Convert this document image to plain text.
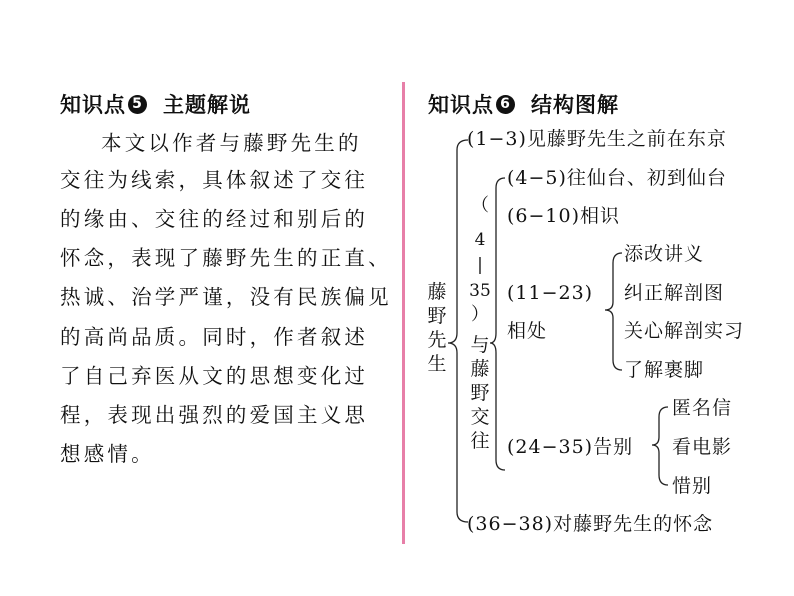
知识点 5 主题解说
本文以作者与藤野先生的
交往为线索，具体叙述了交往
的缘由、交往的经过和别后的
怀念，表现了藤野先生的正直、
热诚、治学严谨，没有民族偏见
的高尚品质。同时，作者叙述
了自己弃医从文的思想变化过
程，表现出强烈的爱国主义思
想感情。
知识点 6 结构图解
藤
野
先
生
（
4
|
35
）
与
藤
野
交
往
(1−3)见藤野先生之前在东京
(4−5)往仙台、初到仙台
(6−10)相识
(11−23)
相处
添改讲义
纠正解剖图
关心解剖实习
了解裹脚
(24−35)告别
匿名信
看电影
惜别
(36−38)对藤野先生的怀念
